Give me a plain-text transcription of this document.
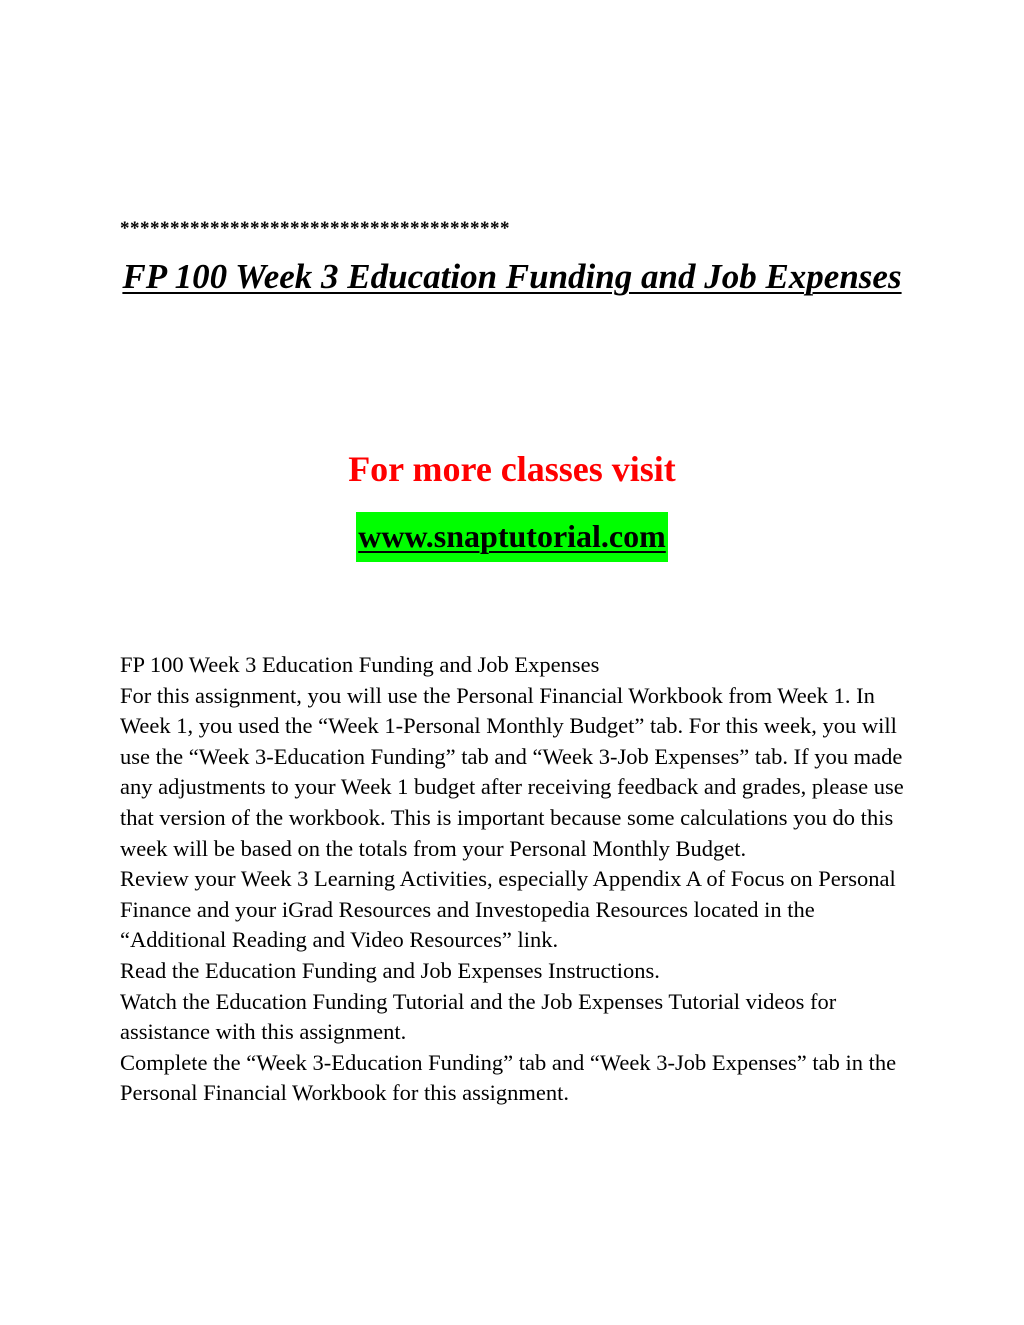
***************************************
FP 100 Week 3 Education Funding and Job Expenses
For more classes visit
www.snaptutorial.com

FP 100 Week 3 Education Funding and Job Expenses

For this assignment, you will use the Personal Financial Workbook from Week 1. In Week 1, you used the “Week 1-Personal Monthly Budget” tab. For this week, you will use the “Week 3-Education Funding” tab and “Week 3-Job Expenses” tab. If you made any adjustments to your Week 1 budget after receiving feedback and grades, please use that version of the workbook. This is important because some calculations you do this week will be based on the totals from your Personal Monthly Budget.

Review your Week 3 Learning Activities, especially Appendix A of Focus on Personal Finance and your iGrad Resources and Investopedia Resources located in the “Additional Reading and Video Resources” link.

Read the Education Funding and Job Expenses Instructions.

Watch the Education Funding Tutorial and the Job Expenses Tutorial videos for assistance with this assignment.

Complete the “Week 3-Education Funding” tab and “Week 3-Job Expenses” tab in the Personal Financial Workbook for this assignment.
